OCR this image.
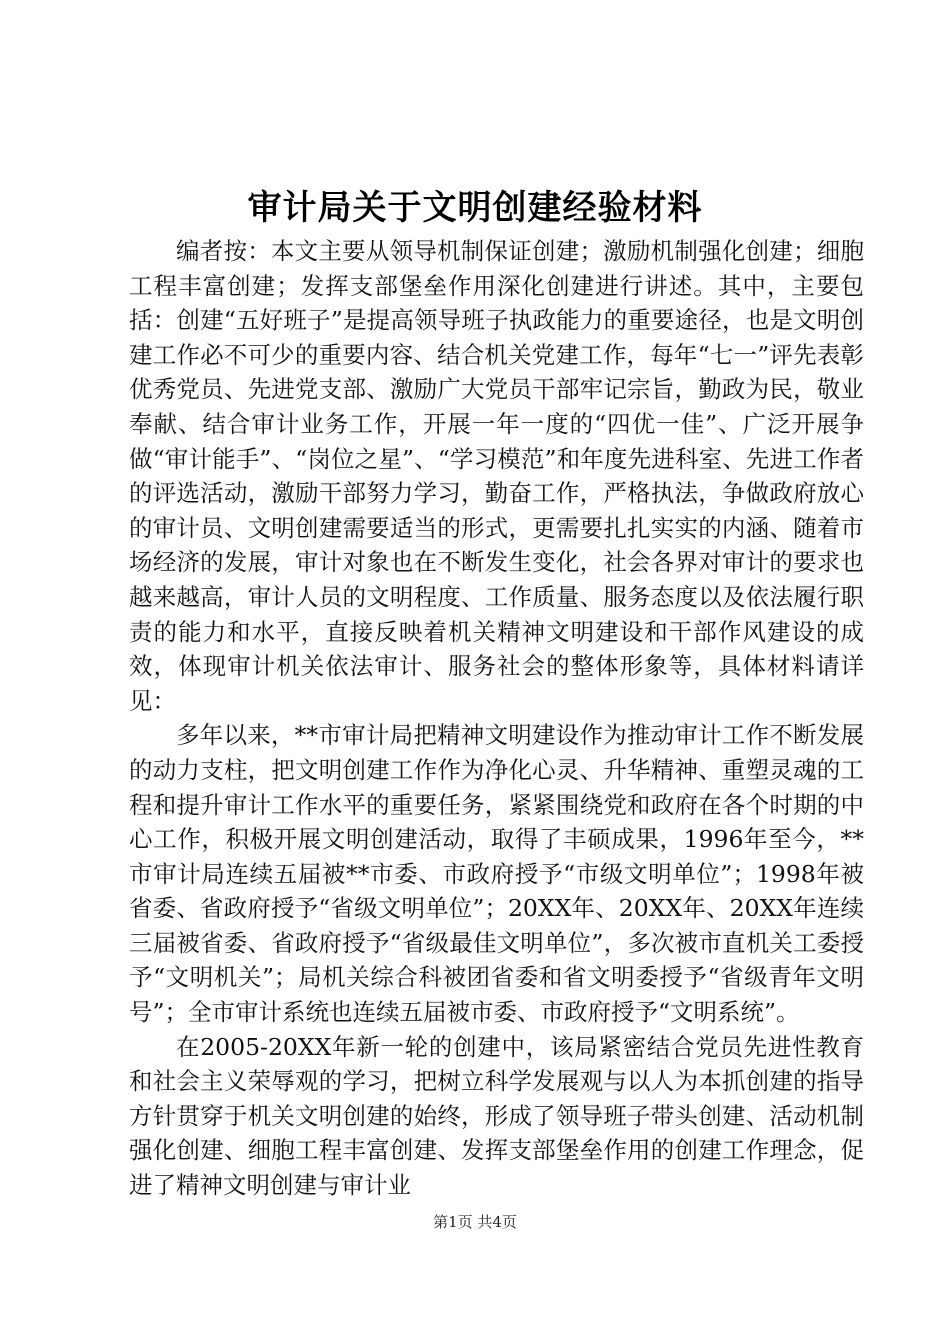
审计局关于文明创建经验材料

编者按：本文主要从领导机制保证创建；激励机制强化创建；细胞工程丰富创建；发挥支部堡垒作用深化创建进行讲述。其中，主要包括：创建“五好班子”是提高领导班子执政能力的重要途径，也是文明创建工作必不可少的重要内容、结合机关党建工作，每年“七一”评先表彰优秀党员、先进党支部、激励广大党员干部牢记宗旨，勤政为民，敬业奉献、结合审计业务工作，开展一年一度的“四优一佳”、广泛开展争做“审计能手”、“岗位之星”、“学习模范”和年度先进科室、先进工作者的评选活动，激励干部努力学习，勤奋工作，严格执法，争做政府放心的审计员、文明创建需要适当的形式，更需要扎扎实实的内涵、随着市场经济的发展，审计对象也在不断发生变化，社会各界对审计的要求也越来越高，审计人员的文明程度、工作质量、服务态度以及依法履行职责的能力和水平，直接反映着机关精神文明建设和干部作风建设的成效，体现审计机关依法审计、服务社会的整体形象等，具体材料请详见：

多年以来，**市审计局把精神文明建设作为推动审计工作不断发展的动力支柱，把文明创建工作作为净化心灵、升华精神、重塑灵魂的工程和提升审计工作水平的重要任务，紧紧围绕党和政府在各个时期的中心工作，积极开展文明创建活动，取得了丰硕成果，1996年至今，**市审计局连续五届被**市委、市政府授予“市级文明单位”；1998年被省委、省政府授予“省级文明单位”；20XX年、20XX年、20XX年连续三届被省委、省政府授予“省级最佳文明单位”，多次被市直机关工委授予“文明机关”；局机关综合科被团省委和省文明委授予“省级青年文明号”；全市审计系统也连续五届被市委、市政府授予“文明系统”。

在2005-20XX年新一轮的创建中，该局紧密结合党员先进性教育和社会主义荣辱观的学习，把树立科学发展观与以人为本抓创建的指导方针贯穿于机关文明创建的始终，形成了领导班子带头创建、活动机制强化创建、细胞工程丰富创建、发挥支部堡垒作用的创建工作理念，促进了精神文明创建与审计业

第1页 共4页
